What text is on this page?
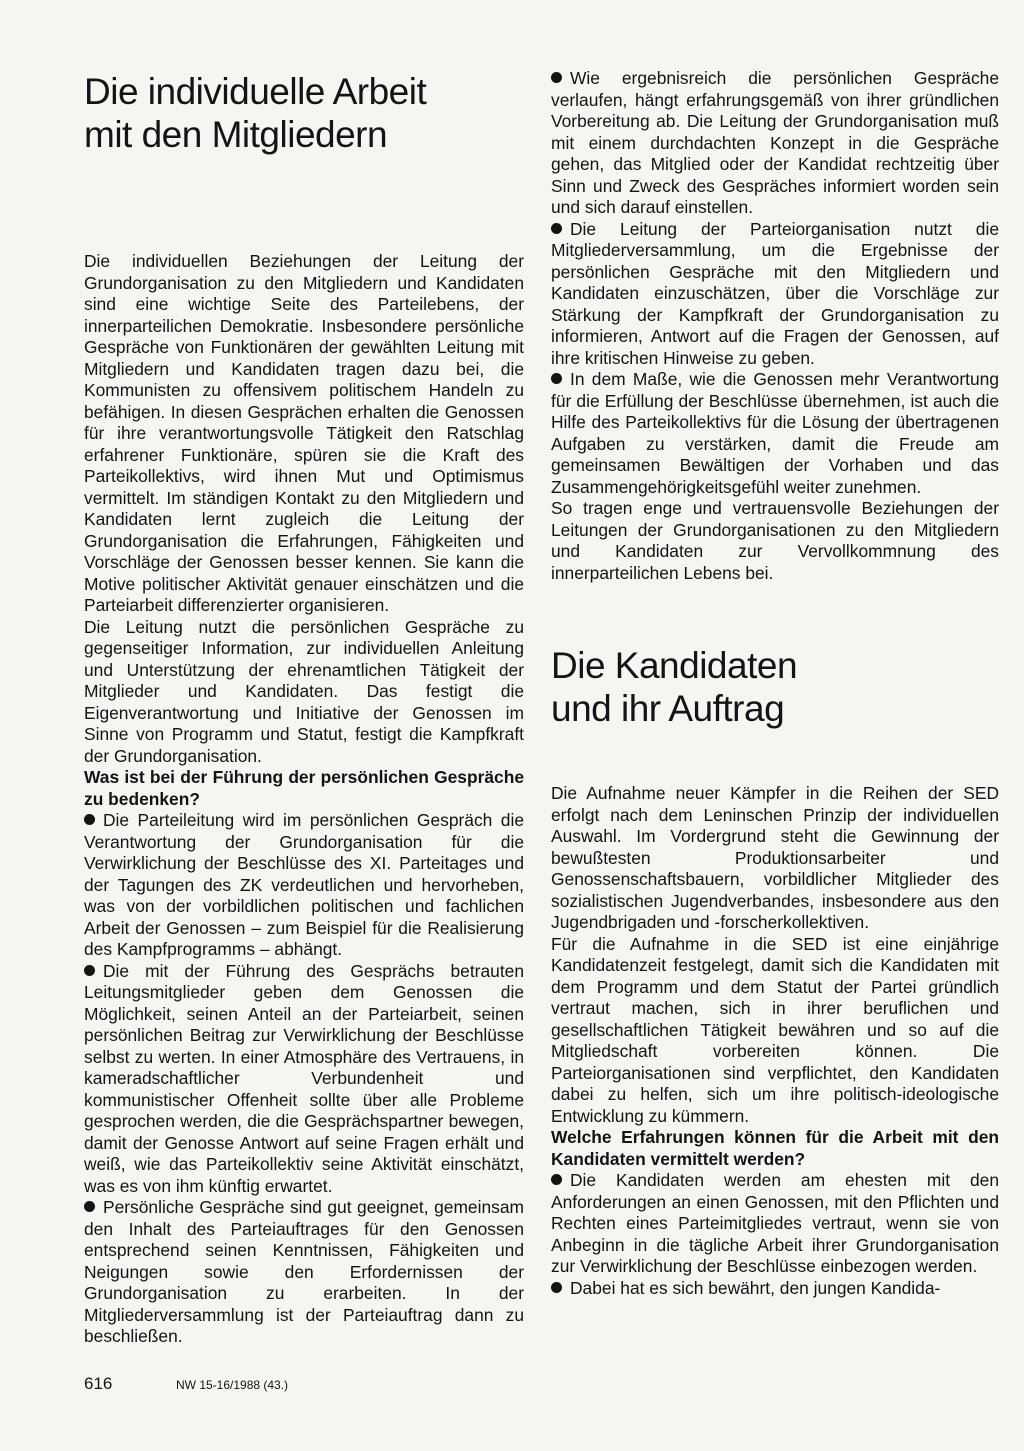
Die individuelle Arbeit
mit den Mitgliedern

Die individuellen Beziehungen der Leitung der Grundorganisation zu den Mitgliedern und Kandidaten sind eine wichtige Seite des Parteilebens, der innerparteilichen Demokratie. Insbesondere persönliche Gespräche von Funktionären der gewählten Leitung mit Mitgliedern und Kandidaten tragen dazu bei, die Kommunisten zu offensivem politischem Handeln zu befähigen. In diesen Gesprächen erhalten die Genossen für ihre verantwortungsvolle Tätigkeit den Ratschlag erfahrener Funktionäre, spüren sie die Kraft des Parteikollektivs, wird ihnen Mut und Optimismus vermittelt. Im ständigen Kontakt zu den Mitgliedern und Kandidaten lernt zugleich die Leitung der Grundorganisation die Erfahrungen, Fähigkeiten und Vorschläge der Genossen besser kennen. Sie kann die Motive politischer Aktivität genauer einschätzen und die Parteiarbeit differenzierter organisieren.

Die Leitung nutzt die persönlichen Gespräche zu gegenseitiger Information, zur individuellen Anleitung und Unterstützung der ehrenamtlichen Tätigkeit der Mitglieder und Kandidaten. Das festigt die Eigenverantwortung und Initiative der Genossen im Sinne von Programm und Statut, festigt die Kampfkraft der Grundorganisation.

Was ist bei der Führung der persönlichen Gespräche zu bedenken?

Die Parteileitung wird im persönlichen Gespräch die Verantwortung der Grundorganisation für die Verwirklichung der Beschlüsse des XI. Parteitages und der Tagungen des ZK verdeutlichen und hervorheben, was von der vorbildlichen politischen und fachlichen Arbeit der Genossen – zum Beispiel für die Realisierung des Kampfprogramms – abhängt.

Die mit der Führung des Gesprächs betrauten Leitungsmitglieder geben dem Genossen die Möglichkeit, seinen Anteil an der Parteiarbeit, seinen persönlichen Beitrag zur Verwirklichung der Beschlüsse selbst zu werten. In einer Atmosphäre des Vertrauens, in kameradschaftlicher Verbundenheit und kommunistischer Offenheit sollte über alle Probleme gesprochen werden, die die Gesprächspartner bewegen, damit der Genosse Antwort auf seine Fragen erhält und weiß, wie das Parteikollektiv seine Aktivität einschätzt, was es von ihm künftig erwartet.

Persönliche Gespräche sind gut geeignet, gemeinsam den Inhalt des Parteiauftrages für den Genossen entsprechend seinen Kenntnissen, Fähigkeiten und Neigungen sowie den Erfordernissen der Grundorganisation zu erarbeiten. In der Mitgliederversammlung ist der Parteiauftrag dann zu beschließen.

Wie ergebnisreich die persönlichen Gespräche verlaufen, hängt erfahrungsgemäß von ihrer gründlichen Vorbereitung ab. Die Leitung der Grundorganisation muß mit einem durchdachten Konzept in die Gespräche gehen, das Mitglied oder der Kandidat rechtzeitig über Sinn und Zweck des Gespräches informiert worden sein und sich darauf einstellen.

Die Leitung der Parteiorganisation nutzt die Mitgliederversammlung, um die Ergebnisse der persönlichen Gespräche mit den Mitgliedern und Kandidaten einzuschätzen, über die Vorschläge zur Stärkung der Kampfkraft der Grundorganisation zu informieren, Antwort auf die Fragen der Genossen, auf ihre kritischen Hinweise zu geben.

In dem Maße, wie die Genossen mehr Verantwortung für die Erfüllung der Beschlüsse übernehmen, ist auch die Hilfe des Parteikollektivs für die Lösung der übertragenen Aufgaben zu verstärken, damit die Freude am gemeinsamen Bewältigen der Vorhaben und das Zusammengehörigkeitsgefühl weiter zunehmen.

So tragen enge und vertrauensvolle Beziehungen der Leitungen der Grundorganisationen zu den Mitgliedern und Kandidaten zur Vervollkommnung des innerparteilichen Lebens bei.

Die Kandidaten
und ihr Auftrag

Die Aufnahme neuer Kämpfer in die Reihen der SED erfolgt nach dem Leninschen Prinzip der individuellen Auswahl. Im Vordergrund steht die Gewinnung der bewußtesten Produktionsarbeiter und Genossenschaftsbauern, vorbildlicher Mitglieder des sozialistischen Jugendverbandes, insbesondere aus den Jugendbrigaden und -forscherkollektiven.

Für die Aufnahme in die SED ist eine einjährige Kandidatenzeit festgelegt, damit sich die Kandidaten mit dem Programm und dem Statut der Partei gründlich vertraut machen, sich in ihrer beruflichen und gesellschaftlichen Tätigkeit bewähren und so auf die Mitgliedschaft vorbereiten können. Die Parteiorganisationen sind verpflichtet, den Kandidaten dabei zu helfen, sich um ihre politisch-ideologische Entwicklung zu kümmern.

Welche Erfahrungen können für die Arbeit mit den Kandidaten vermittelt werden?

Die Kandidaten werden am ehesten mit den Anforderungen an einen Genossen, mit den Pflichten und Rechten eines Parteimitgliedes vertraut, wenn sie von Anbeginn in die tägliche Arbeit ihrer Grundorganisation zur Verwirklichung der Beschlüsse einbezogen werden.

Dabei hat es sich bewährt, den jungen Kandida-

616	NW 15-16/1988 (43.)
